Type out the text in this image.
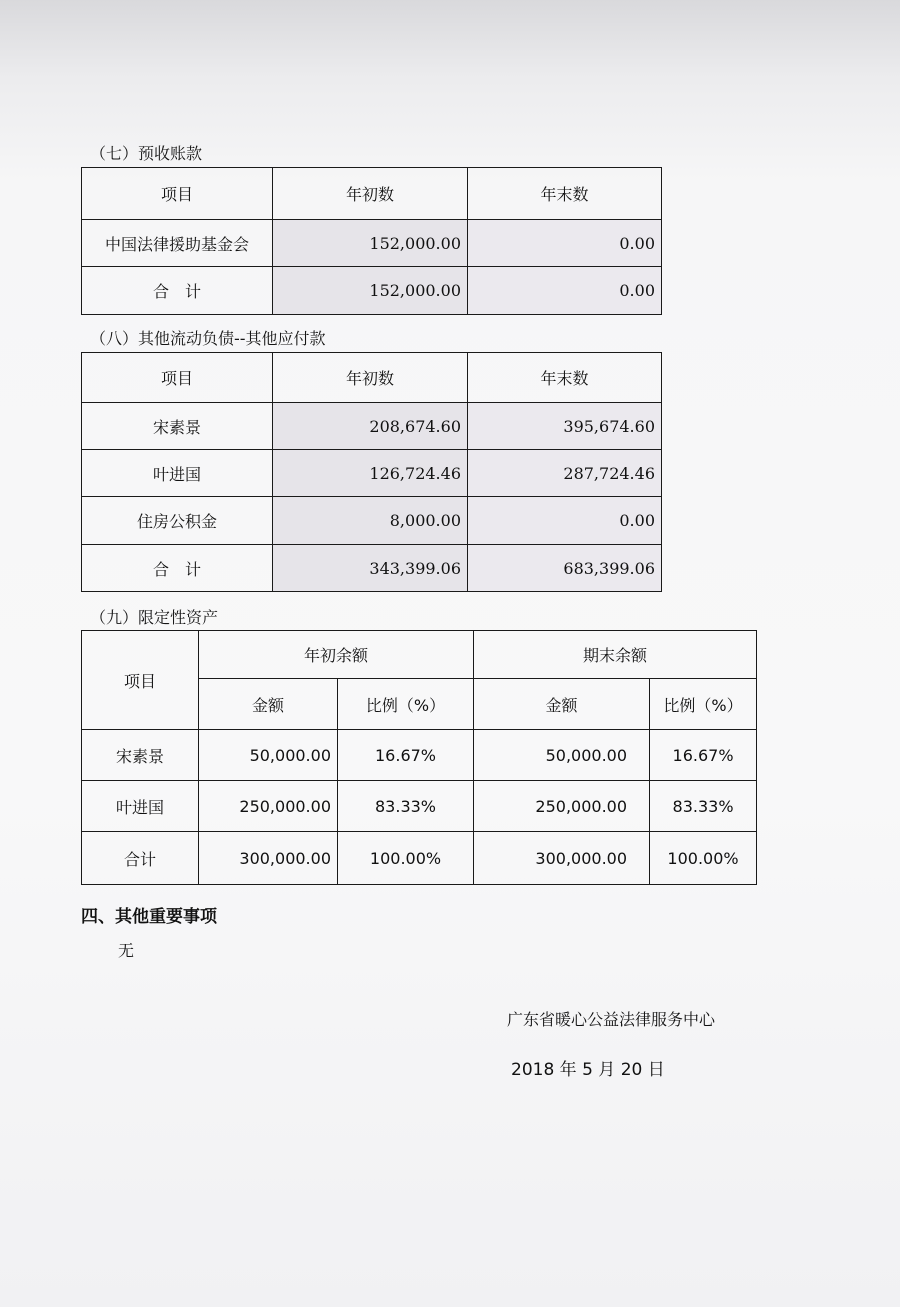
（七）预收账款
项目	年初数	年末数
中国法律援助基金会	152,000.00	0.00
合　计	152,000.00	0.00
（八）其他流动负债--其他应付款
项目	年初数	年末数
宋素景	208,674.60	395,674.60
叶进国	126,724.46	287,724.46
住房公积金	8,000.00	0.00
合　计	343,399.06	683,399.06
（九）限定性资产
项目	年初余额		期末余额	
	金额	比例（%）	金额	比例（%）
宋素景	50,000.00	16.67%	50,000.00	16.67%
叶进国	250,000.00	83.33%	250,000.00	83.33%
合计	300,000.00	100.00%	300,000.00	100.00%
四、其他重要事项
无
广东省暖心公益法律服务中心
2018 年 5 月 20 日
